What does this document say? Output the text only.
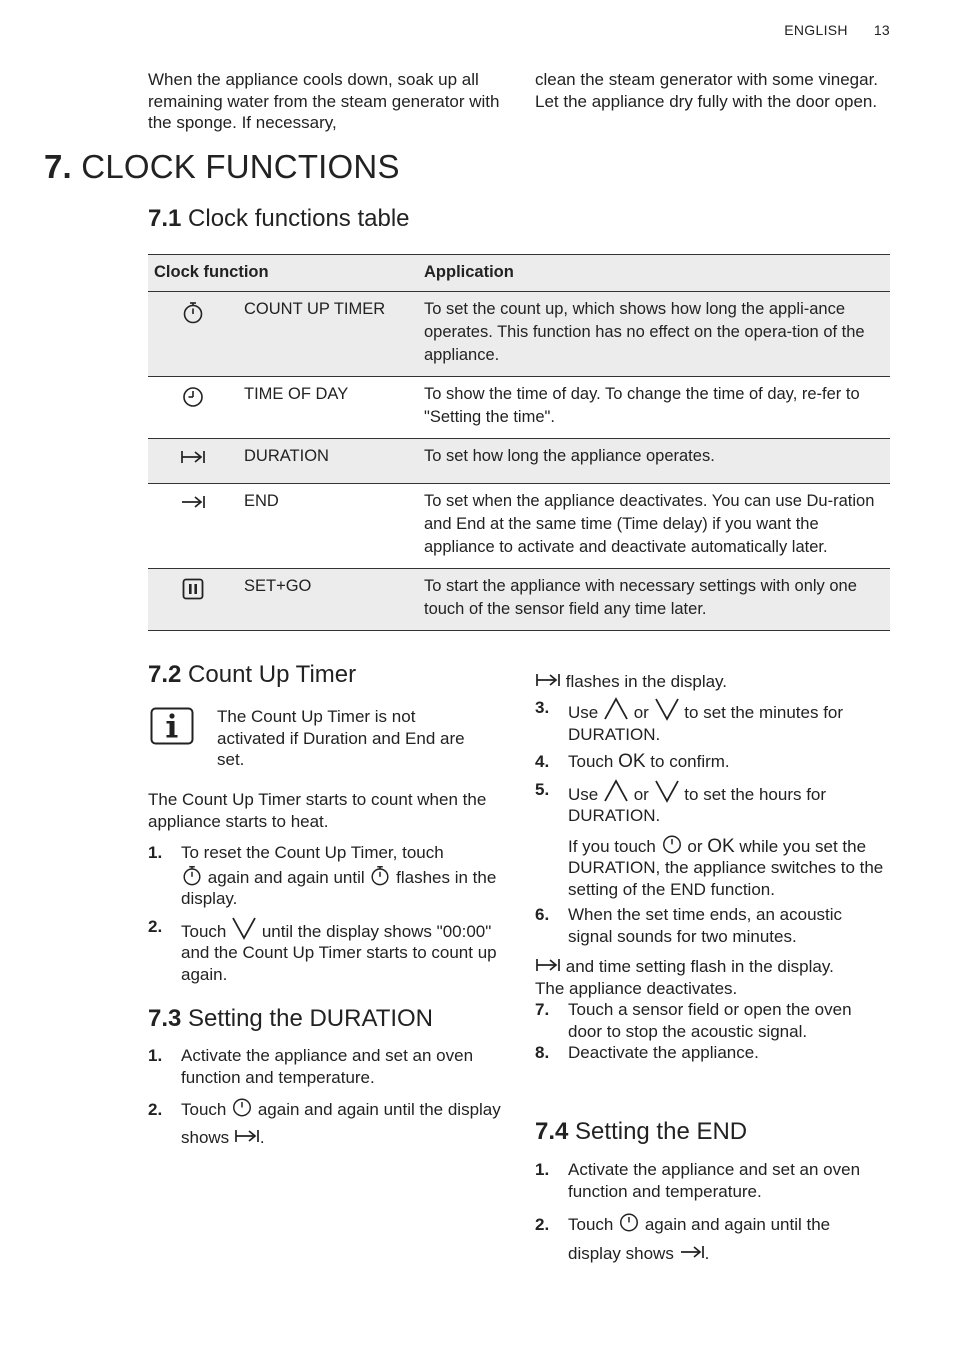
ENGLISH 13
When the appliance cools down, soak up all remaining water from the steam generator with the sponge. If necessary,
clean the steam generator with some vinegar. Let the appliance dry fully with the door open.
7. CLOCK FUNCTIONS
7.1 Clock functions table
Clock function		Application
	COUNT UP TIMER	To set the count up, which shows how long the appli-ance operates. This function has no effect on the opera-tion of the appliance.
	TIME OF DAY	To show the time of day. To change the time of day, re-fer to "Setting the time".
	DURATION	To set how long the appliance operates.
	END	To set when the appliance deactivates. You can use Du-ration and End at the same time (Time delay) if you want the appliance to activate and deactivate automatically later.
	SET+GO	To start the appliance with necessary settings with only one touch of the sensor field any time later.
7.2 Count Up Timer
The Count Up Timer is not activated if Duration and End are set.
The Count Up Timer starts to count when the appliance starts to heat.
1. To reset the Count Up Timer, touch
again and again until flashes in the display.
2. Touch until the display shows "00:00" and the Count Up Timer starts to count up again.
7.3 Setting the DURATION
1. Activate the appliance and set an oven function and temperature.
2. Touch again and again until the display shows .
flashes in the display.
3. Use or to set the minutes for DURATION.
4. Touch OK to confirm.
5. Use or to set the hours for DURATION.
If you touch or OK while you set the DURATION, the appliance switches to the setting of the END function.
6. When the set time ends, an acoustic signal sounds for two minutes.
and time setting flash in the display.
The appliance deactivates.
7. Touch a sensor field or open the oven door to stop the acoustic signal.
8. Deactivate the appliance.
7.4 Setting the END
1. Activate the appliance and set an oven function and temperature.
2. Touch again and again until the display shows .
